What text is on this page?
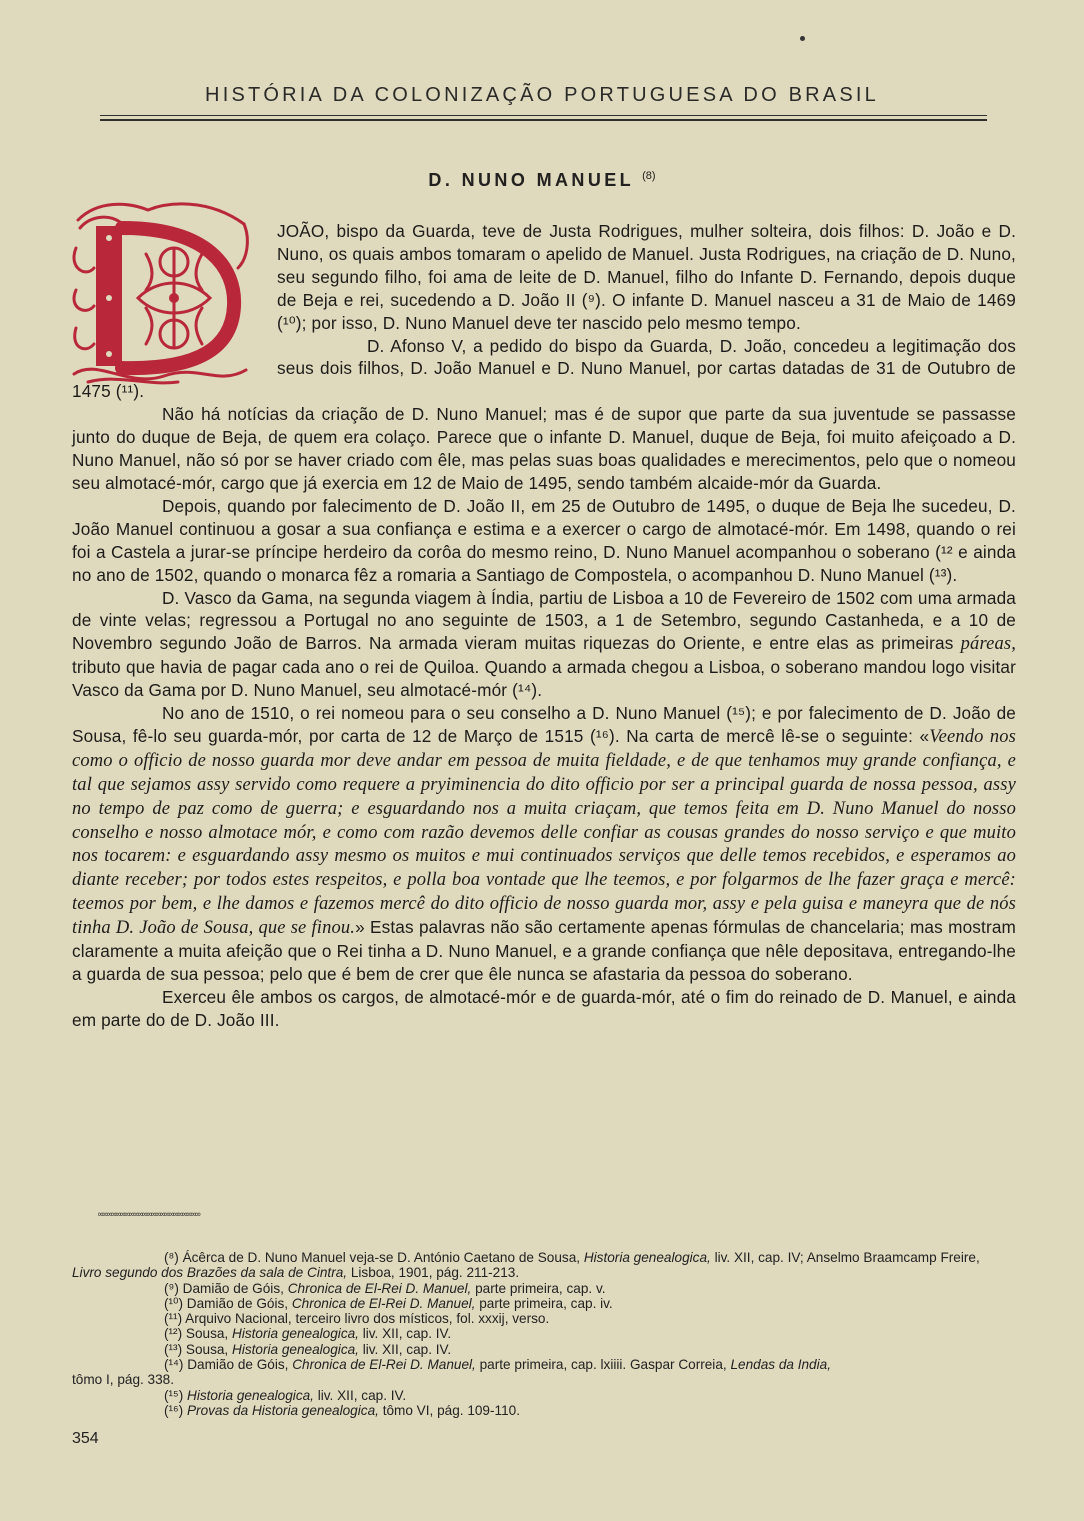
HISTÓRIA DA COLONIZAÇÃO PORTUGUESA DO BRASIL
D. NUNO MANUEL $^{(8)}$

JOÃO, bispo da Guarda, teve de Justa Rodrigues, mulher solteira, dois filhos: D. João e D. Nuno, os quais ambos tomaram o apelido de Manuel. Justa Rodrigues, na criação de D. Nuno, seu segundo filho, foi ama de leite de D. Manuel, filho do Infante D. Fernando, depois duque de Beja e rei, sucedendo a D. João II (⁹). O infante D. Manuel nasceu a 31 de Maio de 1469 (¹⁰); por isso, D. Nuno Manuel deve ter nascido pelo mesmo tempo.

D. Afonso V, a pedido do bispo da Guarda, D. João, concedeu a legitimação dos seus dois filhos, D. João Manuel e D. Nuno Manuel, por cartas datadas de 31 de Outubro de 1475 (¹¹).

Não há notícias da criação de D. Nuno Manuel; mas é de supor que parte da sua juventude se passasse junto do duque de Beja, de quem era colaço. Parece que o infante D. Manuel, duque de Beja, foi muito afeiçoado a D. Nuno Manuel, não só por se haver criado com êle, mas pelas suas boas qualidades e merecimentos, pelo que o nomeou seu almotacé-mór, cargo que já exercia em 12 de Maio de 1495, sendo também alcaide-mór da Guarda.

Depois, quando por falecimento de D. João II, em 25 de Outubro de 1495, o duque de Beja lhe sucedeu, D. João Manuel continuou a gosar a sua confiança e estima e a exercer o cargo de almotacé-mór. Em 1498, quando o rei foi a Castela a jurar-se príncipe herdeiro da corôa do mesmo reino, D. Nuno Manuel acompanhou o soberano (¹² e ainda no ano de 1502, quando o monarca fêz a romaria a Santiago de Compostela, o acompanhou D. Nuno Manuel (¹³).

D. Vasco da Gama, na segunda viagem à Índia, partiu de Lisboa a 10 de Fevereiro de 1502 com uma armada de vinte velas; regressou a Portugal no ano seguinte de 1503, a 1 de Setembro, segundo Castanheda, e a 10 de Novembro segundo João de Barros. Na armada vieram muitas riquezas do Oriente, e entre elas as primeiras páreas, tributo que havia de pagar cada ano o rei de Quiloa. Quando a armada chegou a Lisboa, o soberano mandou logo visitar Vasco da Gama por D. Nuno Manuel, seu almotacé-mór (¹⁴).

No ano de 1510, o rei nomeou para o seu conselho a D. Nuno Manuel (¹⁵); e por falecimento de D. João de Sousa, fê-lo seu guarda-mór, por carta de 12 de Março de 1515 (¹⁶). Na carta de mercê lê-se o seguinte: «Veendo nos como o officio de nosso guarda mor deve andar em pessoa de muita fieldade, e de que tenhamos muy grande confiança, e tal que sejamos assy servido como requere a pryiminencia do dito officio por ser a principal guarda de nossa pessoa, assy no tempo de paz como de guerra; e esguardando nos a muita criaçam, que temos feita em D. Nuno Manuel do nosso conselho e nosso almotace mór, e como com razão devemos delle confiar as cousas grandes do nosso serviço e que muito nos tocarem: e esguardando assy mesmo os muitos e mui continuados serviços que delle temos recebidos, e esperamos ao diante receber; por todos estes respeitos, e polla boa vontade que lhe teemos, e por folgarmos de lhe fazer graça e mercê: teemos por bem, e lhe damos e fazemos mercê do dito officio de nosso guarda mor, assy e pela guisa e maneyra que de nós tinha D. João de Sousa, que se finou.» Estas palavras não são certamente apenas fórmulas de chancelaria; mas mostram claramente a muita afeição que o Rei tinha a D. Nuno Manuel, e a grande confiança que nêle depositava, entregando-lhe a guarda de sua pessoa; pelo que é bem de crer que êle nunca se afastaria da pessoa do soberano.

Exerceu êle ambos os cargos, de almotacé-mór e de guarda-mór, até o fim do reinado de D. Manuel, e ainda em parte do de D. João III.

∞∞∞∞∞∞∞∞∞∞∞∞∞∞∞∞∞∞∞∞∞∞∞

(⁸) Ácêrca de D. Nuno Manuel veja-se D. António Caetano de Sousa, Historia genealogica, liv. XII, cap. IV; Anselmo Braamcamp Freire,

Livro segundo dos Brazões da sala de Cintra, Lisboa, 1901, pág. 211-213.

(⁹) Damião de Góis, Chronica de El-Rei D. Manuel, parte primeira, cap. v.

(¹⁰) Damião de Góis, Chronica de El-Rei D. Manuel, parte primeira, cap. iv.

(¹¹) Arquivo Nacional, terceiro livro dos místicos, fol. xxxij, verso.

(¹²) Sousa, Historia genealogica, liv. XII, cap. IV.

(¹³) Sousa, Historia genealogica, liv. XII, cap. IV.

(¹⁴) Damião de Góis, Chronica de El-Rei D. Manuel, parte primeira, cap. lxiiii. Gaspar Correia, Lendas da India,

tômo I, pág. 338.

(¹⁵) Historia genealogica, liv. XII, cap. IV.

(¹⁶) Provas da Historia genealogica, tômo VI, pág. 109-110.

354
